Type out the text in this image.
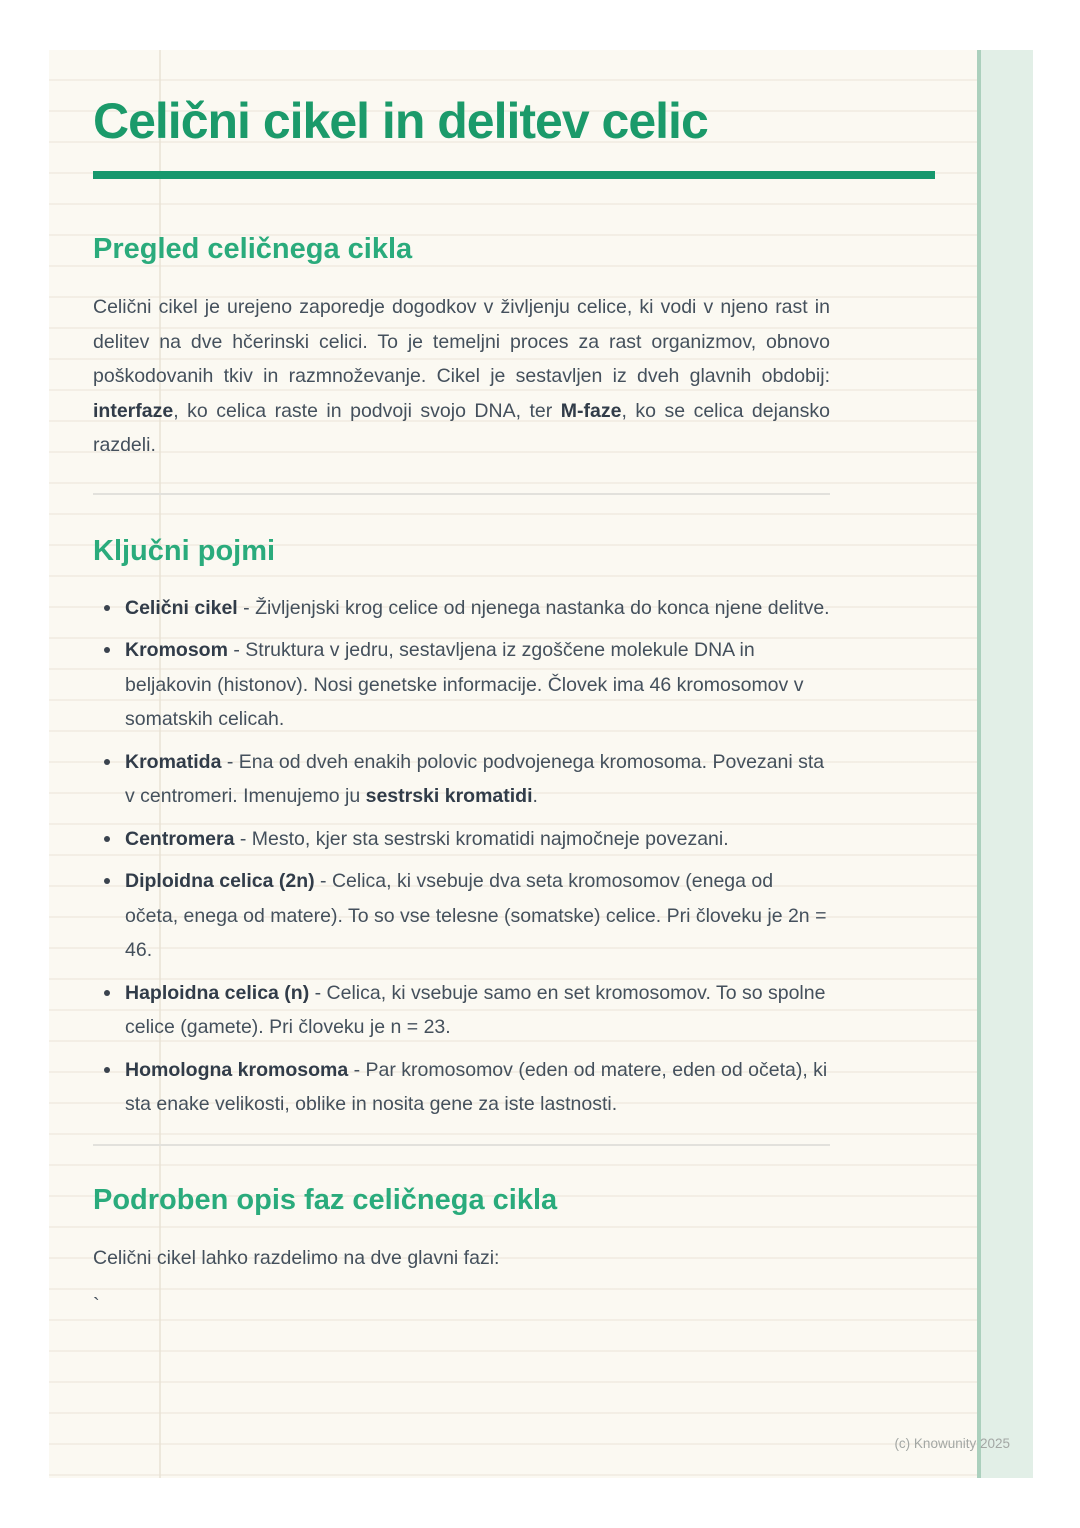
Celični cikel in delitev celic
Pregled celičnega cikla

Celični cikel je urejeno zaporedje dogodkov v življenju celice, ki vodi v njeno rast in delitev na dve hčerinski celici. To je temeljni proces za rast organizmov, obnovo poškodovanih tkiv in razmnoževanje. Cikel je sestavljen iz dveh glavnih obdobij: interfaze, ko celica raste in podvoji svojo DNA, ter M-faze, ko se celica dejansko razdeli.

Ključni pojmi
Celični cikel - Življenjski krog celice od njenega nastanka do konca njene delitve.
Kromosom - Struktura v jedru, sestavljena iz zgoščene molekule DNA in beljakovin (histonov). Nosi genetske informacije. Človek ima 46 kromosomov v somatskih celicah.
Kromatida - Ena od dveh enakih polovic podvojenega kromosoma. Povezani sta v centromeri. Imenujemo ju sestrski kromatidi.
Centromera - Mesto, kjer sta sestrski kromatidi najmočneje povezani.
Diploidna celica (2n) - Celica, ki vsebuje dva seta kromosomov (enega od očeta, enega od matere). To so vse telesne (somatske) celice. Pri človeku je 2n = 46.
Haploidna celica (n) - Celica, ki vsebuje samo en set kromosomov. To so spolne celice (gamete). Pri človeku je n = 23.
Homologna kromosoma - Par kromosomov (eden od matere, eden od očeta), ki sta enake velikosti, oblike in nosita gene za iste lastnosti.
Podroben opis faz celičnega cikla

Celični cikel lahko razdelimo na dve glavni fazi:

`
(c) Knowunity 2025
